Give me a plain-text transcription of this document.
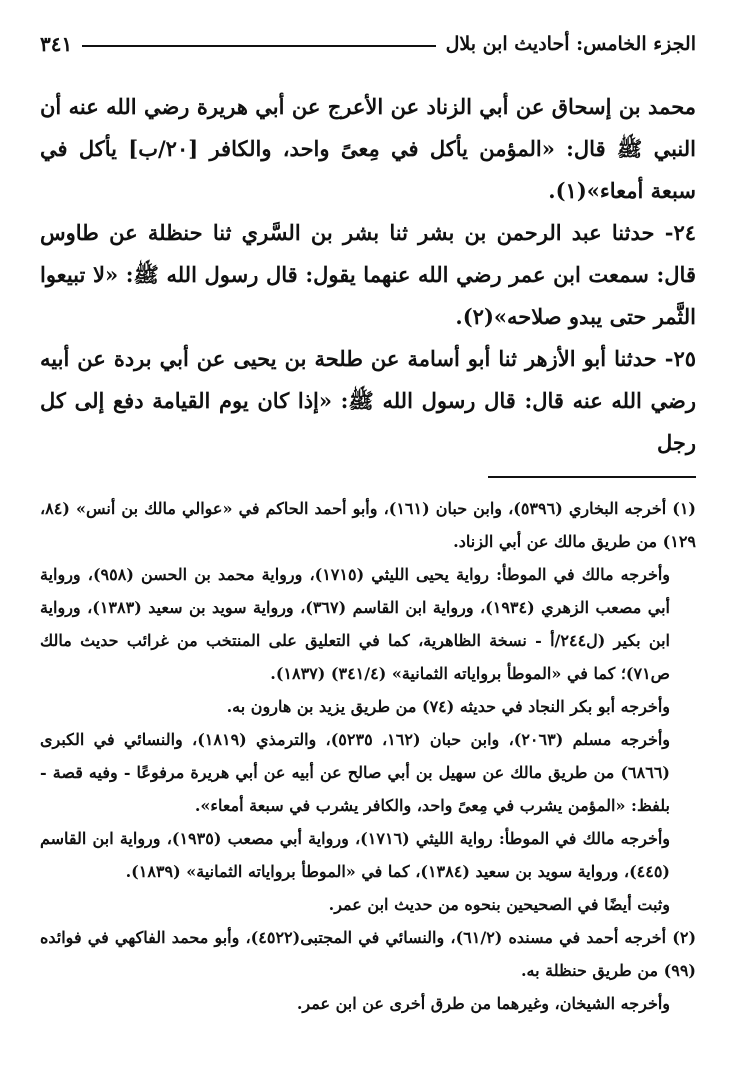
الجزء الخامس: أحاديث ابن بلال
٣٤١

محمد بن إسحاق عن أبي الزناد عن الأعرج عن أبي هريرة رضي الله عنه أن النبي ﷺ قال: «المؤمن يأكل في مِعىً واحد، والكافر [٢٠/ب] يأكل في سبعة أمعاء»(١).

٢٤- حدثنا عبد الرحمن بن بشر ثنا بشر بن السَّري ثنا حنظلة عن طاوس قال: سمعت ابن عمر رضي الله عنهما يقول: قال رسول الله ﷺ: «لا تبيعوا الثَّمر حتى يبدو صلاحه»(٢).

٢٥- حدثنا أبو الأزهر ثنا أبو أسامة عن طلحة بن يحيى عن أبي بردة عن أبيه رضي الله عنه قال: قال رسول الله ﷺ: «إذا كان يوم القيامة دفع إلى كل رجل

(١) أخرجه البخاري (٥٣٩٦)، وابن حبان (١٦١)، وأبو أحمد الحاكم في «عوالي مالك بن أنس» (٨٤، ١٢٩) من طريق مالك عن أبي الزناد.

وأخرجه مالك في الموطأ: رواية يحيى الليثي (١٧١٥)، ورواية محمد بن الحسن (٩٥٨)، ورواية أبي مصعب الزهري (١٩٣٤)، ورواية ابن القاسم (٣٦٧)، ورواية سويد بن سعيد (١٣٨٣)، ورواية ابن بكير (ل٢٤٤/أ - نسخة الظاهرية، كما في التعليق على المنتخب من غرائب حديث مالك ص٧١)؛ كما في «الموطأ برواياته الثمانية» (٣٤١/٤) (١٨٣٧).

وأخرجه أبو بكر النجاد في حديثه (٧٤) من طريق يزيد بن هارون به.

وأخرجه مسلم (٢٠٦٣)، وابن حبان (١٦٢، ٥٢٣٥)، والترمذي (١٨١٩)، والنسائي في الكبرى (٦٨٦٦) من طريق مالك عن سهيل بن أبي صالح عن أبيه عن أبي هريرة مرفوعًا - وفيه قصة - بلفظ: «المؤمن يشرب في مِعىً واحد، والكافر يشرب في سبعة أمعاء».

وأخرجه مالك في الموطأ: رواية الليثي (١٧١٦)، ورواية أبي مصعب (١٩٣٥)، ورواية ابن القاسم (٤٤٥)، ورواية سويد بن سعيد (١٣٨٤)، كما في «الموطأ برواياته الثمانية» (١٨٣٩).

وثبت أيضًا في الصحيحين بنحوه من حديث ابن عمر.

(٢) أخرجه أحمد في مسنده (٦١/٢)، والنسائي في المجتبى(٤٥٢٢)، وأبو محمد الفاكهي في فوائده (٩٩) من طريق حنظلة به.

وأخرجه الشيخان، وغيرهما من طرق أخرى عن ابن عمر.
